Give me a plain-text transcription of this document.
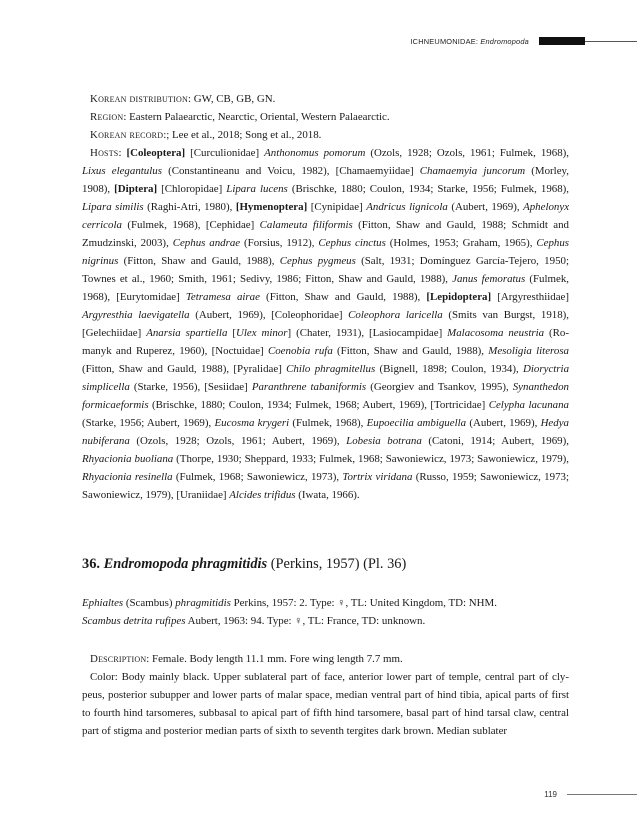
ICHNEUMONIDAE: Endromopoda

Korean distribution: GW, CB, GB, GN.

Region: Eastern Palaearctic, Nearctic, Oriental, Western Palaearctic.

Korean record:; Lee et al., 2018; Song et al., 2018.

Hosts: [Coleoptera] [Curculionidae] Anthonomus pomorum (Ozols, 1928; Ozols, 1961; Fulmek, 1968), Lixus elegantulus (Constantineanu and Voicu, 1982), [Chamaemyiidae] Chamaemyia juncorum (Morley, 1908), [Diptera] [Chloropidae] Lipara lucens (Brischke, 1880; Coulon, 1934; Starke, 1956; Fulmek, 1968), Lipara similis (Raghi-Atri, 1980), [Hymenoptera] [Cynipidae] Andricus lignicola (Aubert, 1969), Aphelonyx cerricola (Fulmek, 1968), [Cephidae] Calameuta filiformis (Fitton, Shaw and Gauld, 1988; Schmidt and Zmudzinski, 2003), Cephus andrae (Forsius, 1912), Cephus cinctus (Holmes, 1953; Graham, 1965), Cephus nigrinus (Fitton, Shaw and Gauld, 1988), Cephus pygmeus (Salt, 1931; Domínguez García-Tejero, 1950; Townes et al., 1960; Smith, 1961; Sedivy, 1986; Fitton, Shaw and Gauld, 1988), Janus femoratus (Fulmek, 1968), [Eurytomidae] Tetramesa airae (Fitton, Shaw and Gauld, 1988), [Lepidoptera] [Argyresthiidae] Argyresthia laevigatella (Aubert, 1969), [Coleophoridae] Coleophora laricella (Smits van Burgst, 1918), [Gelechiidae] Anarsia spartiella [Ulex minor] (Chater, 1931), [Lasiocampidae] Malacosoma neustria (Romanyk and Ruperez, 1960), [Noctuidae] Coenobia rufa (Fitton, Shaw and Gauld, 1988), Mesoligia literosa (Fitton, Shaw and Gauld, 1988), [Pyralidae] Chilo phragmitellus (Bignell, 1898; Coulon, 1934), Dioryctria simplicella (Starke, 1956), [Sesiidae] Paranthrene tabaniformis (Georgiev and Tsankov, 1995), Synanthedon formicaeformis (Brischke, 1880; Coulon, 1934; Fulmek, 1968; Aubert, 1969), [Tortricidae] Celypha lacunana (Starke, 1956; Aubert, 1969), Eucosma krygeri (Fulmek, 1968), Eupoecilia ambiguella (Aubert, 1969), Hedya nubiferana (Ozols, 1928; Ozols, 1961; Aubert, 1969), Lobesia botrana (Catoni, 1914; Aubert, 1969), Rhyacionia buoliana (Thorpe, 1930; Sheppard, 1933; Fulmek, 1968; Sawoniewicz, 1973; Sawoniewicz, 1979), Rhyacionia resinella (Fulmek, 1968; Sawoniewicz, 1973), Tortrix viridana (Russo, 1959; Sawoniewicz, 1973; Sawoniewicz, 1979), [Uraniidae] Alcides trifidus (Iwata, 1966).

36. Endromopoda phragmitidis (Perkins, 1957) (Pl. 36)

Ephialtes (Scambus) phragmitidis Perkins, 1957: 2. Type: ♀, TL: United Kingdom, TD: NHM.

Scambus detrita rufipes Aubert, 1963: 94. Type: ♀, TL: France, TD: unknown.

Description: Female. Body length 11.1 mm. Fore wing length 7.7 mm.

Color: Body mainly black. Upper sublateral part of face, anterior lower part of temple, central part of clypeus, posterior subupper and lower parts of malar space, median ventral part of hind tibia, apical parts of first to fourth hind tarsomeres, subbasal to apical part of fifth hind tarsomere, basal part of hind tarsal claw, central part of stigma and posterior median parts of sixth to seventh tergites dark brown. Median sublater

119
